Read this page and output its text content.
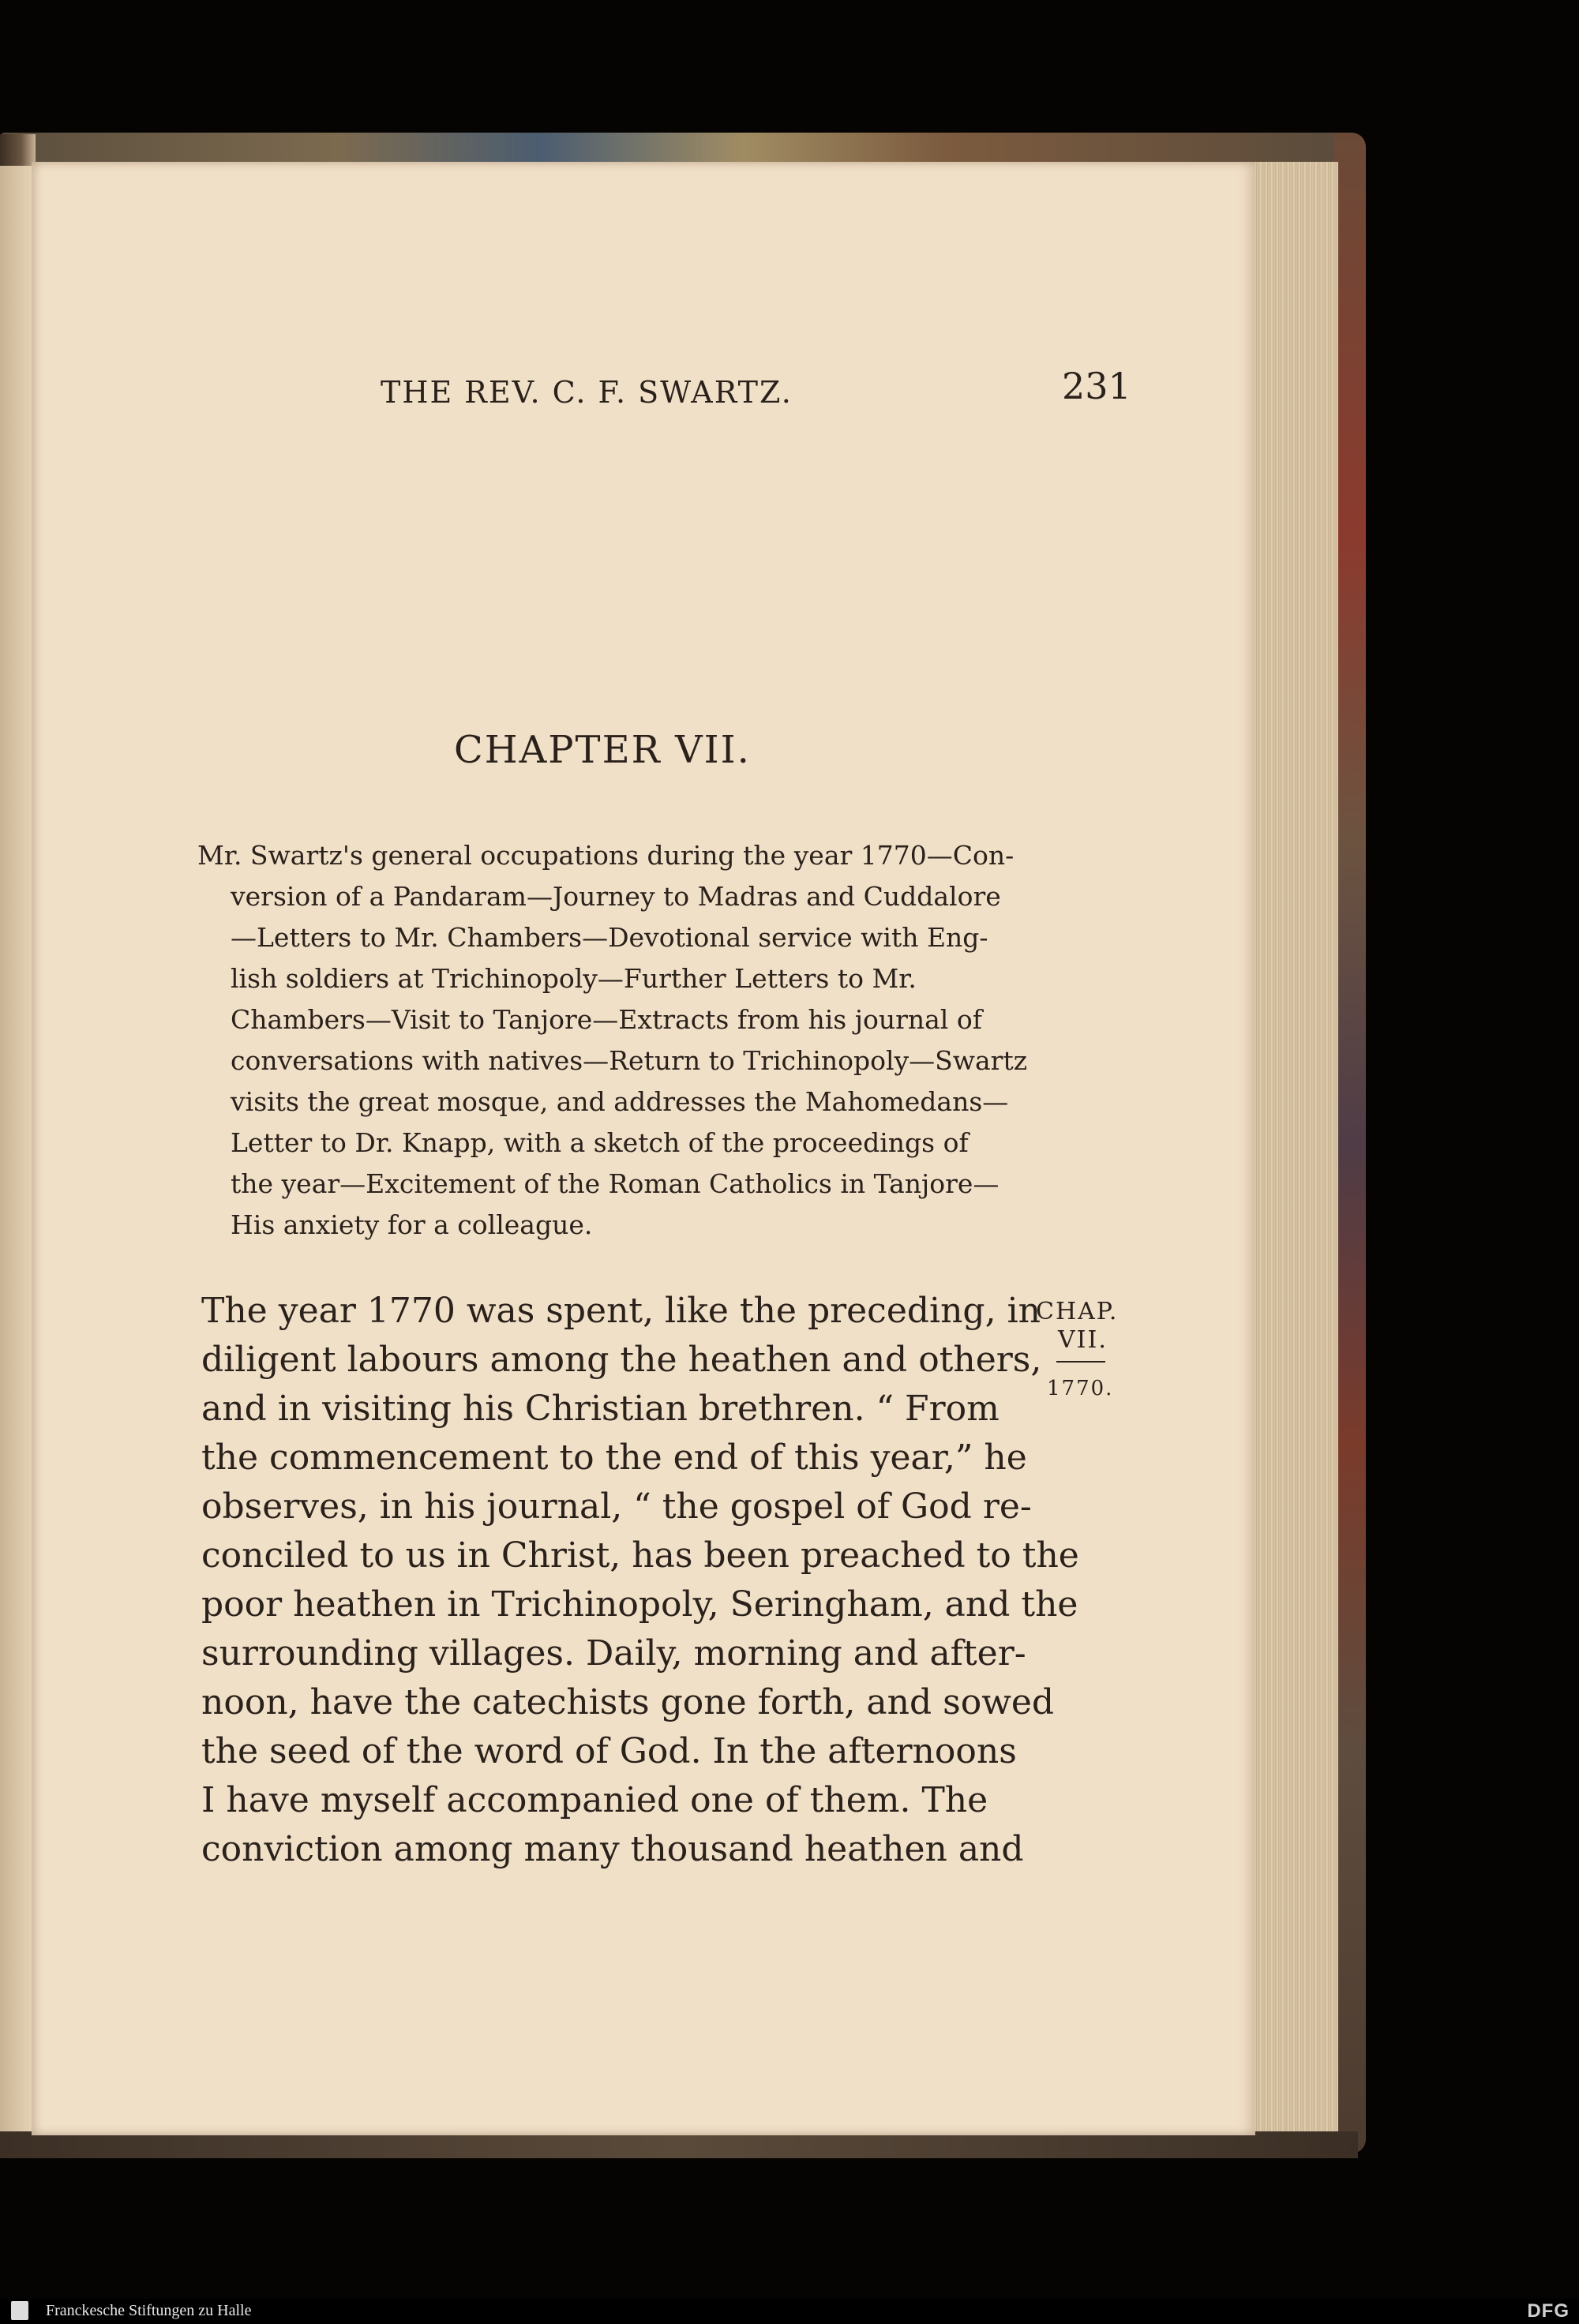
THE REV. C. F. SWARTZ.	231
CHAPTER VII.
Mr. Swartz's general occupations during the year 1770—Con-
version of a Pandaram—Journey to Madras and Cuddalore
—Letters to Mr. Chambers—Devotional service with Eng-
lish soldiers at Trichinopoly—Further Letters to Mr.
Chambers—Visit to Tanjore—Extracts from his journal of
conversations with natives—Return to Trichinopoly—Swartz
visits the great mosque, and addresses the Mahomedans—
Letter to Dr. Knapp, with a sketch of the proceedings of
the year—Excitement of the Roman Catholics in Tanjore—
His anxiety for a colleague.
CHAP.
VII.
1770.
The year 1770 was spent, like the preceding, in
diligent labours among the heathen and others,
and in visiting his Christian brethren. “ From
the commencement to the end of this year,” he
observes, in his journal, “ the gospel of God re-
conciled to us in Christ, has been preached to the
poor heathen in Trichinopoly, Seringham, and the
surrounding villages. Daily, morning and after-
noon, have the catechists gone forth, and sowed
the seed of the word of God. In the afternoons
I have myself accompanied one of them. The
conviction among many thousand heathen and
Franckesche Stiftungen zu Halle	DFG
